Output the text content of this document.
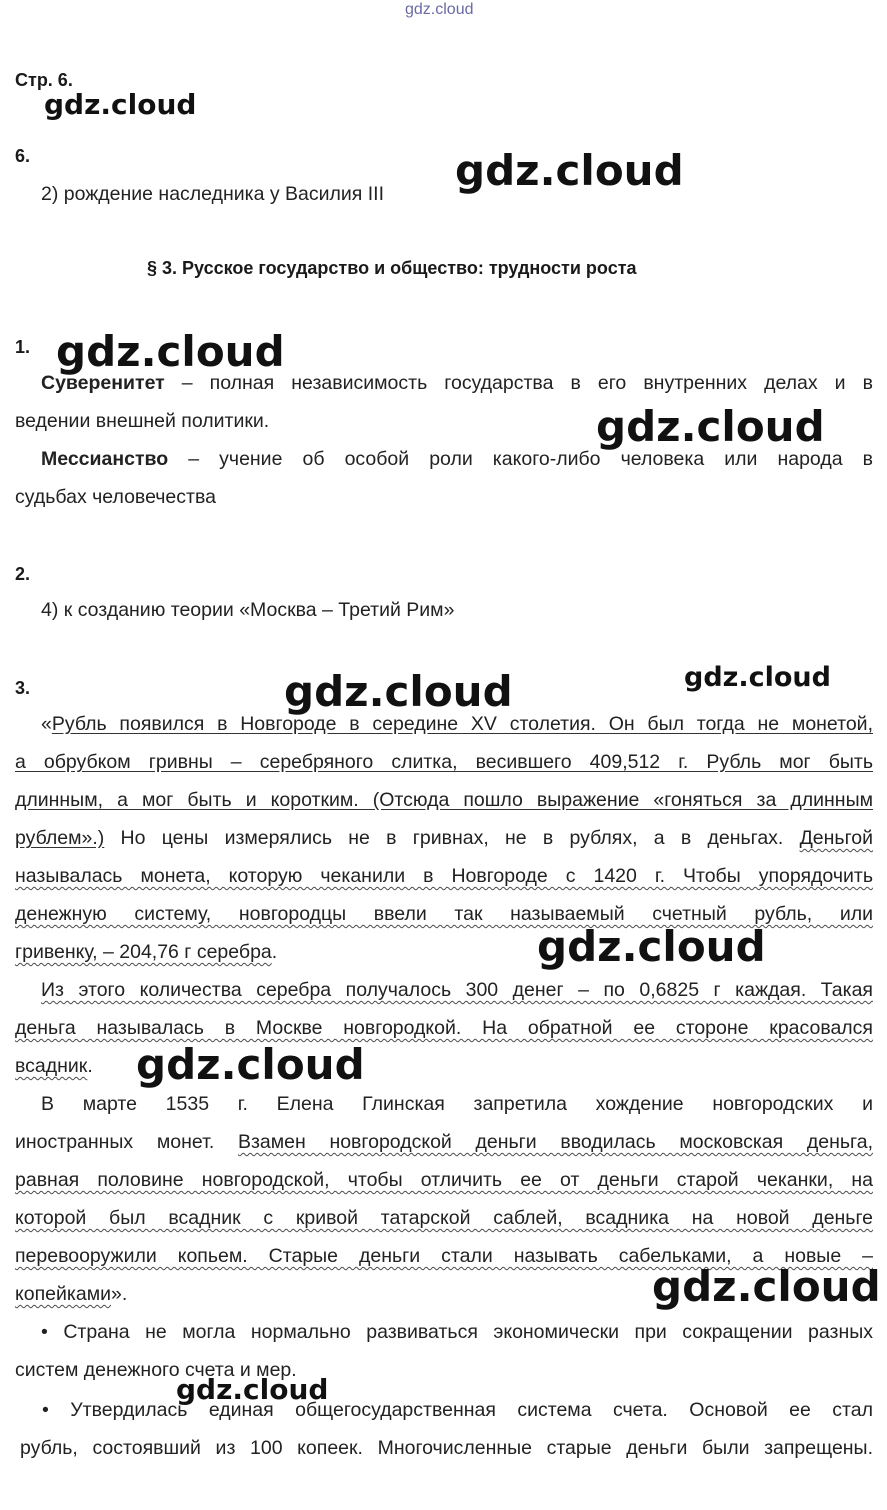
gdz.cloud
Стр. 6.
6.
2) рождение наследника у Василия III
§ 3. Русское государство и общество: трудности роста
1.
Суверенитет – полная независимость государства в его внутренних делах и в
ведении внешней политики.
Мессианство – учение об особой роли какого-либо человека или народа в
судьбах человечества
2.
4) к созданию теории «Москва – Третий Рим»
3.
«Рубль появился в Новгороде в середине XV столетия. Он был тогда не монетой,
а обрубком гривны – серебряного слитка, весившего 409,512 г. Рубль мог быть
длинным, а мог быть и коротким. (Отсюда пошло выражение «гоняться за длинным
рублем».) Но цены измерялись не в гривнах, не в рублях, а в деньгах. Деньгой
называлась монета, которую чеканили в Новгороде с 1420 г. Чтобы упорядочить
денежную систему, новгородцы ввели так называемый счетный рубль, или
гривенку, – 204,76 г серебра.
Из этого количества серебра получалось 300 денег – по 0,6825 г каждая. Такая
деньга называлась в Москве новгородкой. На обратной ее стороне красовался
всадник.
В марте 1535 г. Елена Глинская запретила хождение новгородских и
иностранных монет. Взамен новгородской деньги вводилась московская деньга,
равная половине новгородской, чтобы отличить ее от деньги старой чеканки, на
которой был всадник с кривой татарской саблей, всадника на новой деньге
перевооружили копьем. Старые деньги стали называть сабельками, а новые –
копейками».
• Страна не могла нормально развиваться экономически при сокращении разных
систем денежного счета и мер.
• Утвердилась единая общегосударственная система счета. Основой ее стал
рубль, состоявший из 100 копеек. Многочисленные старые деньги были запрещены.
gdz.cloud
gdz.cloud
gdz.cloud
gdz.cloud
gdz.cloud
gdz.cloud
gdz.cloud
gdz.cloud
gdz.cloud
gdz.cloud
